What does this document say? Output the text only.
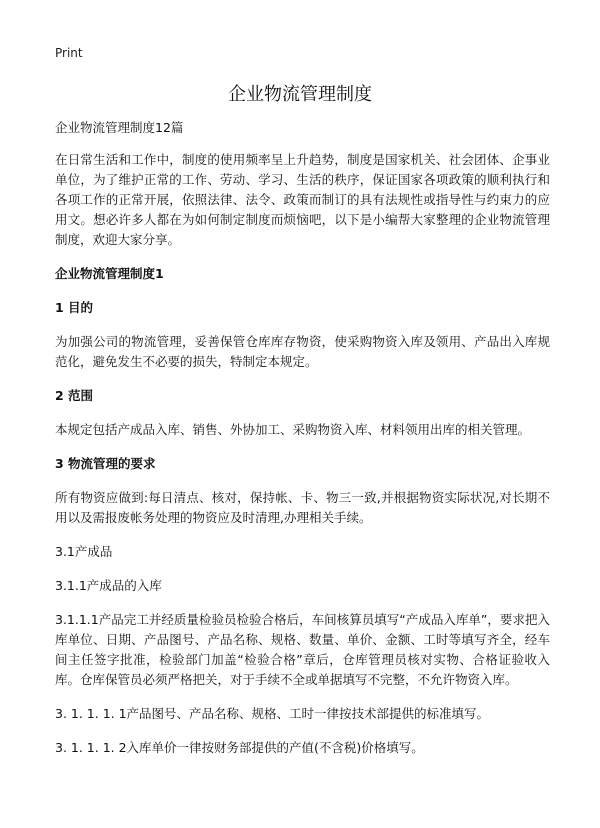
Print
企业物流管理制度
企业物流管理制度12篇

在日常生活和工作中，制度的使用频率呈上升趋势，制度是国家机关、社会团体、企事业单位，为了维护正常的工作、劳动、学习、生活的秩序，保证国家各项政策的顺利执行和各项工作的正常开展，依照法律、法令、政策而制订的具有法规性或指导性与约束力的应用文。想必许多人都在为如何制定制度而烦恼吧，以下是小编帮大家整理的企业物流管理制度，欢迎大家分享。

企业物流管理制度1
1 目的

为加强公司的物流管理，妥善保管仓库库存物资，使采购物资入库及领用、产品出入库规范化，避免发生不必要的损失，特制定本规定。

2 范围

本规定包括产成品入库、销售、外协加工、采购物资入库、材料领用出库的相关管理。

3 物流管理的要求

所有物资应做到:每日清点、核对，保持帐、卡、物三一致,并根据物资实际状况,对长期不用以及需报废帐务处理的物资应及时清理,办理相关手续。

3.1产成品

3.1.1产成品的入库

3.1.1.1产品完工并经质量检验员检验合格后，车间核算员填写“产成品入库单”，要求把入库单位、日期、产品图号、产品名称、规格、数量、单价、金额、工时等填写齐全，经车间主任签字批准，检验部门加盖“检验合格”章后，仓库管理员核对实物、合格证验收入库。仓库保管员必须严格把关，对于手续不全或单据填写不完整，不允许物资入库。

3. 1. 1. 1. 1产品图号、产品名称、规格、工时一律按技术部提供的标准填写。

3. 1. 1. 1. 2入库单价一律按财务部提供的产值(不含税)价格填写。
